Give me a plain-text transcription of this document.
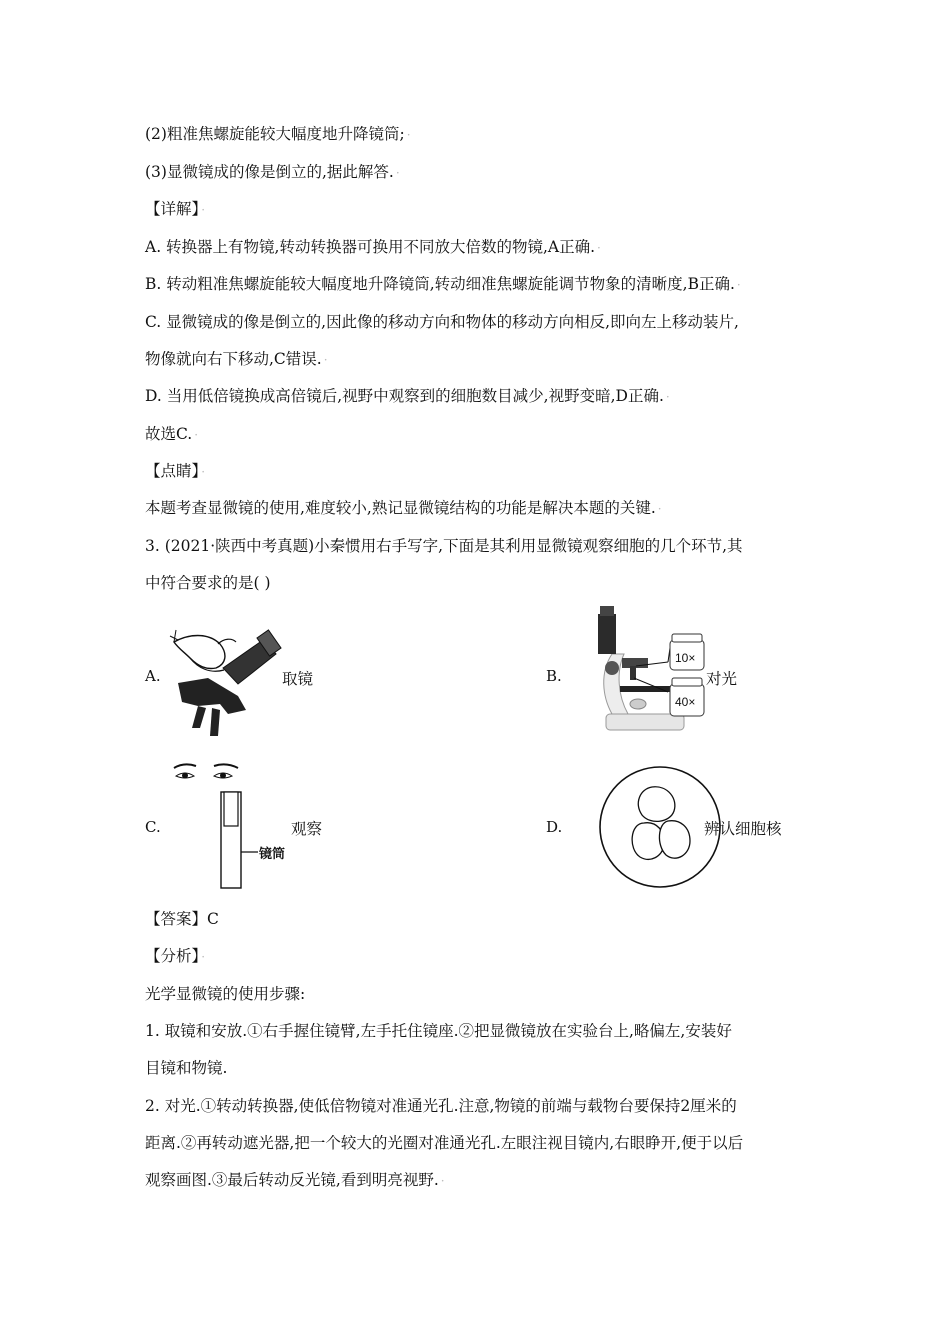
(2)粗准焦螺旋能较大幅度地升降镜筒; ·
(3)显微镜成的像是倒立的,据此解答. ·
【详解】 ·
A. 转换器上有物镜,转动转换器可换用不同放大倍数的物镜,A正确. ·
B. 转动粗准焦螺旋能较大幅度地升降镜筒,转动细准焦螺旋能调节物象的清晰度,B正确. ·
C. 显微镜成的像是倒立的,因此像的移动方向和物体的移动方向相反,即向左上移动装片,
物像就向右下移动,C错误. ·
D. 当用低倍镜换成高倍镜后,视野中观察到的细胞数目减少,视野变暗,D正确. ·
故选C. ·
【点睛】 ·
本题考查显微镜的使用,难度较小,熟记显微镜结构的功能是解决本题的关键. ·
3. (2021·陕西中考真题)小秦惯用右手写字,下面是其利用显微镜观察细胞的几个环节,其
中符合要求的是( )
A.	取镜	B.
10×
40×
对光
C.
镜筒
观察	D.	辨认细胞核
【答案】C
【分析】 ·
光学显微镜的使用步骤:
1. 取镜和安放.①右手握住镜臂,左手托住镜座.②把显微镜放在实验台上,略偏左,安装好
目镜和物镜.
2. 对光.①转动转换器,使低倍物镜对准通光孔.注意,物镜的前端与载物台要保持2厘米的
距离.②再转动遮光器,把一个较大的光圈对准通光孔.左眼注视目镜内,右眼睁开,便于以后
观察画图.③最后转动反光镜,看到明亮视野. ·
